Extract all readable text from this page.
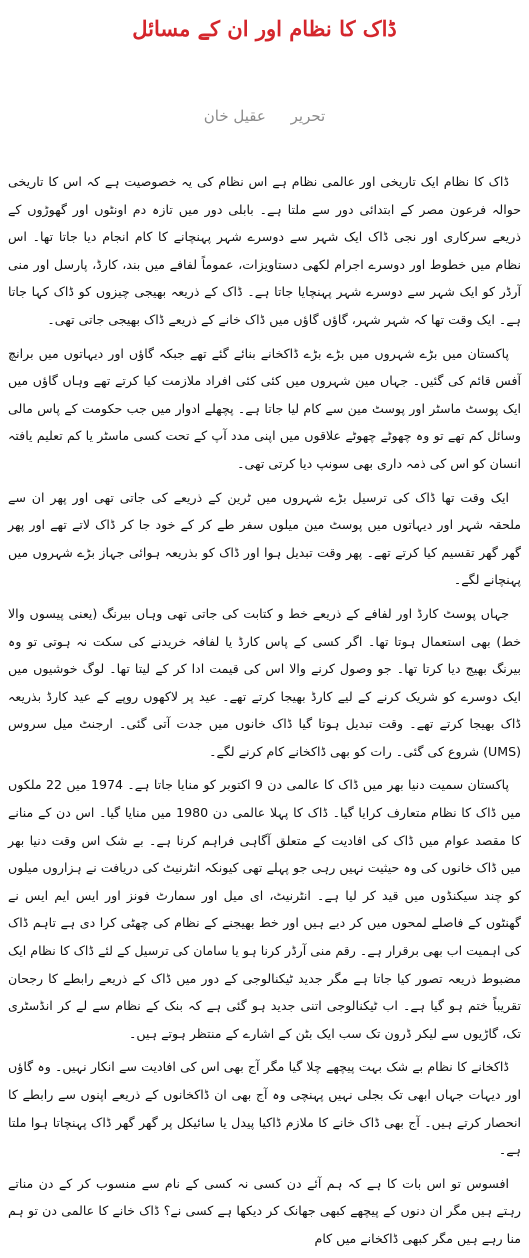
ڈاک کا نظام اور ان کے مسائل
تحریر عقیل خان

ڈاک کا نظام ایک تاریخی اور عالمی نظام ہے اس نظام کی یہ خصوصیت ہے کہ اس کا تاریخی حوالہ فرعون مصر کے ابتدائی دور سے ملتا ہے۔ بابلی دور میں تازہ دم اونٹوں اور گھوڑوں کے ذریعے سرکاری اور نجی ڈاک ایک شہر سے دوسرے شہر پہنچانے کا کام انجام دیا جاتا تھا۔ اس نظام میں خطوط اور دوسرے اجرام لکھی دستاویزات، عموماً لفافے میں بند، کارڈ، پارسل اور منی آرڈر کو ایک شہر سے دوسرے شہر پہنچایا جاتا ہے۔ ڈاک کے ذریعہ بھیجی چیزوں کو ڈاک کہا جاتا ہے۔ ایک وقت تھا کہ شہر شہر، گاؤں گاؤں میں ڈاک خانے کے ذریعے ڈاک بھیجی جاتی تھی۔

پاکستان میں بڑے شہروں میں بڑے بڑے ڈاکخانے بنائے گئے تھے جبکہ گاؤں اور دیہاتوں میں برانچ آفس قائم کی گئیں۔ جہاں مین شہروں میں کئی کئی افراد ملازمت کیا کرتے تھے وہاں گاؤں میں ایک پوسٹ ماسٹر اور پوسٹ مین سے کام لیا جاتا ہے۔ پچھلے ادوار میں جب حکومت کے پاس مالی وسائل کم تھے تو وہ چھوٹے چھوٹے علاقوں میں اپنی مدد آپ کے تحت کسی ماسٹر یا کم تعلیم یافتہ انسان کو اس کی ذمہ داری بھی سونپ دیا کرتی تھی۔

ایک وقت تھا ڈاک کی ترسیل بڑے شہروں میں ٹرین کے ذریعے کی جاتی تھی اور پھر ان سے ملحقہ شہر اور دیہاتوں میں پوسٹ مین میلوں سفر طے کر کے خود جا کر ڈاک لاتے تھے اور پھر گھر گھر تقسیم کیا کرتے تھے۔ پھر وقت تبدیل ہوا اور ڈاک کو بذریعہ ہوائی جہاز بڑے شہروں میں پہنچانے لگے۔

جہاں پوسٹ کارڈ اور لفافے کے ذریعے خط و کتابت کی جاتی تھی وہاں بیرنگ (یعنی پیسوں والا خط) بھی استعمال ہوتا تھا۔ اگر کسی کے پاس کارڈ یا لفافہ خریدنے کی سکت نہ ہوتی تو وہ بیرنگ بھیج دیا کرتا تھا۔ جو وصول کرنے والا اس کی قیمت ادا کر کے لیتا تھا۔ لوگ خوشیوں میں ایک دوسرے کو شریک کرنے کے لیے کارڈ بھیجا کرتے تھے۔ عید پر لاکھوں روپے کے عید کارڈ بذریعہ ڈاک بھیجا کرتے تھے۔ وقت تبدیل ہوتا گیا ڈاک خانوں میں جدت آتی گئی۔ ارجنٹ میل سروس (UMS) شروع کی گئی۔ رات کو بھی ڈاکخانے کام کرنے لگے۔

پاکستان سمیت دنیا بھر میں ڈاک کا عالمی دن 9 اکتوبر کو منایا جاتا ہے۔ 1974 میں 22 ملکوں میں ڈاک کا نظام متعارف کرایا گیا۔ ڈاک کا پہلا عالمی دن 1980 میں منایا گیا۔ اس دن کے منانے کا مقصد عوام میں ڈاک کی افادیت کے متعلق آگاہی فراہم کرنا ہے۔ بے شک اس وقت دنیا بھر میں ڈاک خانوں کی وہ حیثیت نہیں رہی جو پہلے تھی کیونکہ انٹرنیٹ کی دریافت نے ہزاروں میلوں کو چند سیکنڈوں میں قید کر لیا ہے۔ انٹرنیٹ، ای میل اور سمارٹ فونز اور ایس ایم ایس نے گھنٹوں کے فاصلے لمحوں میں کر دیے ہیں اور خط بھیجنے کے نظام کی چھٹی کرا دی ہے تاہم ڈاک کی اہمیت اب بھی برقرار ہے۔ رقم منی آرڈر کرنا ہو یا سامان کی ترسیل کے لئے ڈاک کا نظام ایک مضبوط ذریعہ تصور کیا جاتا ہے مگر جدید ٹیکنالوجی کے دور میں ڈاک کے ذریعے رابطے کا رجحان تقریباً ختم ہو گیا ہے۔ اب ٹیکنالوجی اتنی جدید ہو گئی ہے کہ بنک کے نظام سے لے کر انڈسٹری تک، گاڑیوں سے لیکر ڈرون تک سب ایک بٹن کے اشارے کے منتظر ہوتے ہیں۔

ڈاکخانے کا نظام بے شک بہت پیچھے چلا گیا مگر آج بھی اس کی افادیت سے انکار نہیں۔ وہ گاؤں اور دیہات جہاں ابھی تک بجلی نہیں پہنچی وہ آج بھی ان ڈاکخانوں کے ذریعے اپنوں سے رابطے کا انحصار کرتے ہیں۔ آج بھی ڈاک خانے کا ملازم ڈاکیا پیدل یا سائیکل پر گھر گھر ڈاک پہنچاتا ہوا ملتا ہے۔

افسوس تو اس بات کا ہے کہ ہم آئے دن کسی نہ کسی کے نام سے منسوب کر کے دن مناتے رہتے ہیں مگر ان دنوں کے پیچھے کبھی جھانک کر دیکھا ہے کسی نے؟ ڈاک خانے کا عالمی دن تو ہم منا رہے ہیں مگر کبھی ڈاکخانے میں کام
